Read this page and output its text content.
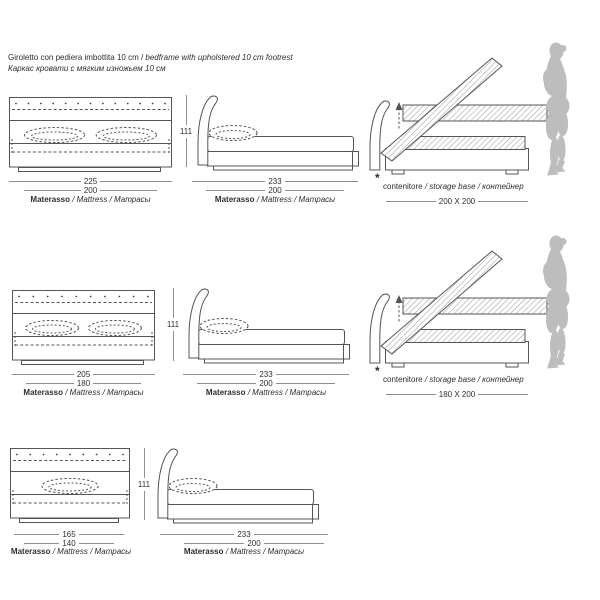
Giroletto con pediera imbottita 10 cm / bedframe with upholstered 10 cm footrest
Каркас кровати с мягким изножьем 10 см
111
225
200
Materasso / Mattress / Матрасы
233
200
Materasso / Mattress / Матрасы
*
contenitore / storage base / контейнер
200 X 200
111
205
180
Materasso / Mattress / Матрасы
233
200
Materasso / Mattress / Матрасы
*
contenitore / storage base / контейнер
180 X 200
111
165
140
Materasso / Mattress / Матрасы
233
200
Materasso / Mattress / Матрасы
